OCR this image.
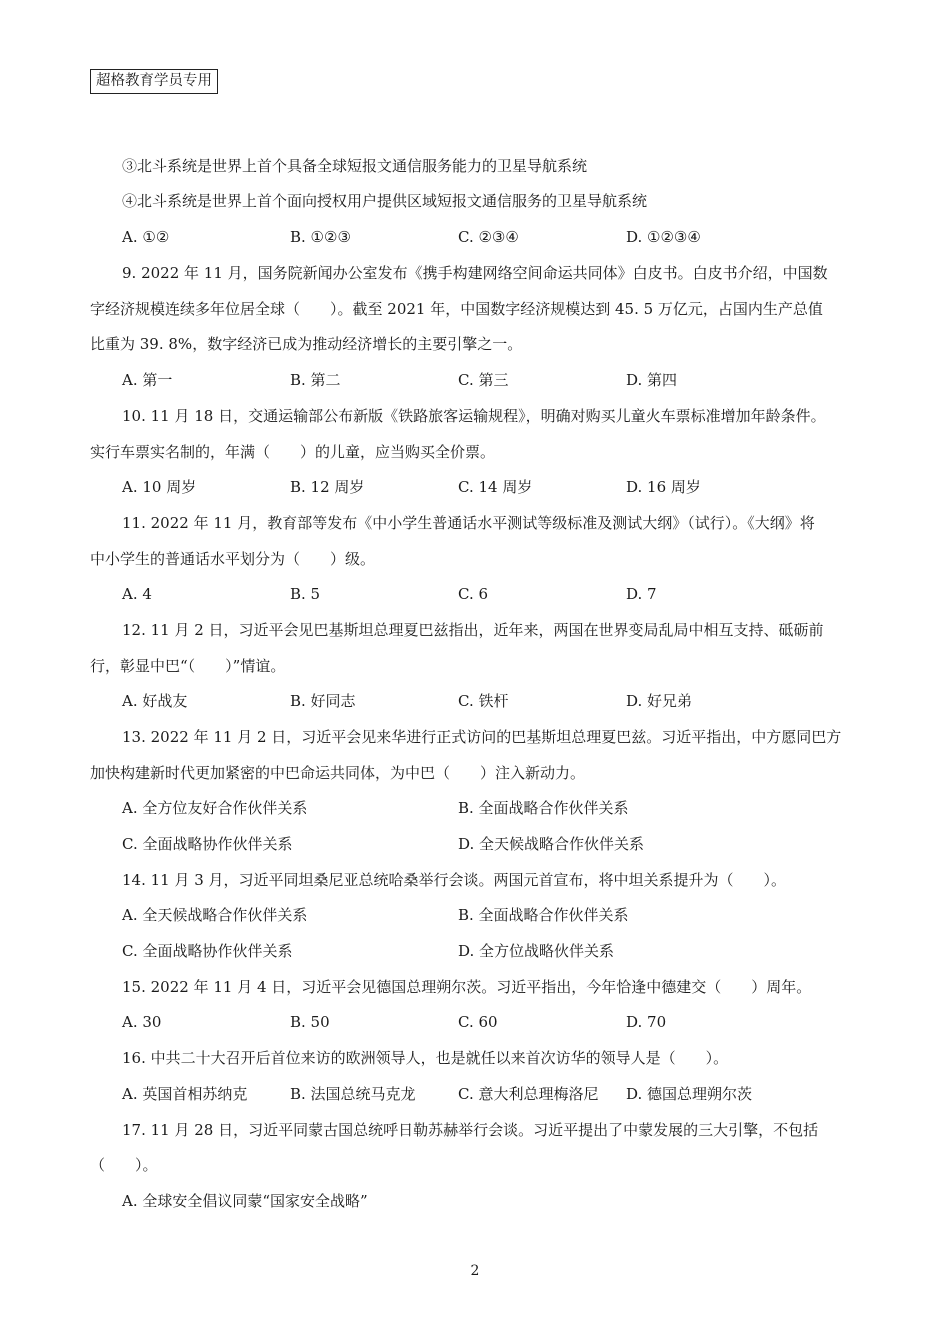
超格教育学员专用
③北斗系统是世界上首个具备全球短报文通信服务能力的卫星导航系统
④北斗系统是世界上首个面向授权用户提供区域短报文通信服务的卫星导航系统
A. ①②	B. ①②③	C. ②③④	D. ①②③④
9. 2022 年 11 月，国务院新闻办公室发布《携手构建网络空间命运共同体》白皮书。白皮书介绍，中国数
字经济规模连续多年位居全球（　　）。截至 2021 年，中国数字经济规模达到 45. 5 万亿元，占国内生产总值
比重为 39. 8%，数字经济已成为推动经济增长的主要引擎之一。
A. 第一	B. 第二	C. 第三	D. 第四
10. 11 月 18 日，交通运输部公布新版《铁路旅客运输规程》，明确对购买儿童火车票标准增加年龄条件。
实行车票实名制的，年满（　　）的儿童，应当购买全价票。
A. 10 周岁	B. 12 周岁	C. 14 周岁	D. 16 周岁
11. 2022 年 11 月，教育部等发布《中小学生普通话水平测试等级标准及测试大纲》（试行）。《大纲》将
中小学生的普通话水平划分为（　　）级。
A. 4	B. 5	C. 6	D. 7
12. 11 月 2 日，习近平会见巴基斯坦总理夏巴兹指出，近年来，两国在世界变局乱局中相互支持、砥砺前
行，彰显中巴“（　　）”情谊。
A. 好战友	B. 好同志	C. 铁杆	D. 好兄弟
13. 2022 年 11 月 2 日，习近平会见来华进行正式访问的巴基斯坦总理夏巴兹。习近平指出，中方愿同巴方
加快构建新时代更加紧密的中巴命运共同体，为中巴（　　）注入新动力。
A. 全方位友好合作伙伴关系	B. 全面战略合作伙伴关系
C. 全面战略协作伙伴关系	D. 全天候战略合作伙伴关系
14. 11 月 3 月，习近平同坦桑尼亚总统哈桑举行会谈。两国元首宣布，将中坦关系提升为（　　）。
A. 全天候战略合作伙伴关系	B. 全面战略合作伙伴关系
C. 全面战略协作伙伴关系	D. 全方位战略伙伴关系
15. 2022 年 11 月 4 日，习近平会见德国总理朔尔茨。习近平指出，今年恰逢中德建交（　　）周年。
A. 30	B. 50	C. 60	D. 70
16. 中共二十大召开后首位来访的欧洲领导人，也是就任以来首次访华的领导人是（　　）。
A. 英国首相苏纳克	B. 法国总统马克龙	C. 意大利总理梅洛尼 D. 德国总理朔尔茨
17. 11 月 28 日，习近平同蒙古国总统呼日勒苏赫举行会谈。习近平提出了中蒙发展的三大引擎，不包括
（　　）。
A. 全球安全倡议同蒙“国家安全战略”
2
